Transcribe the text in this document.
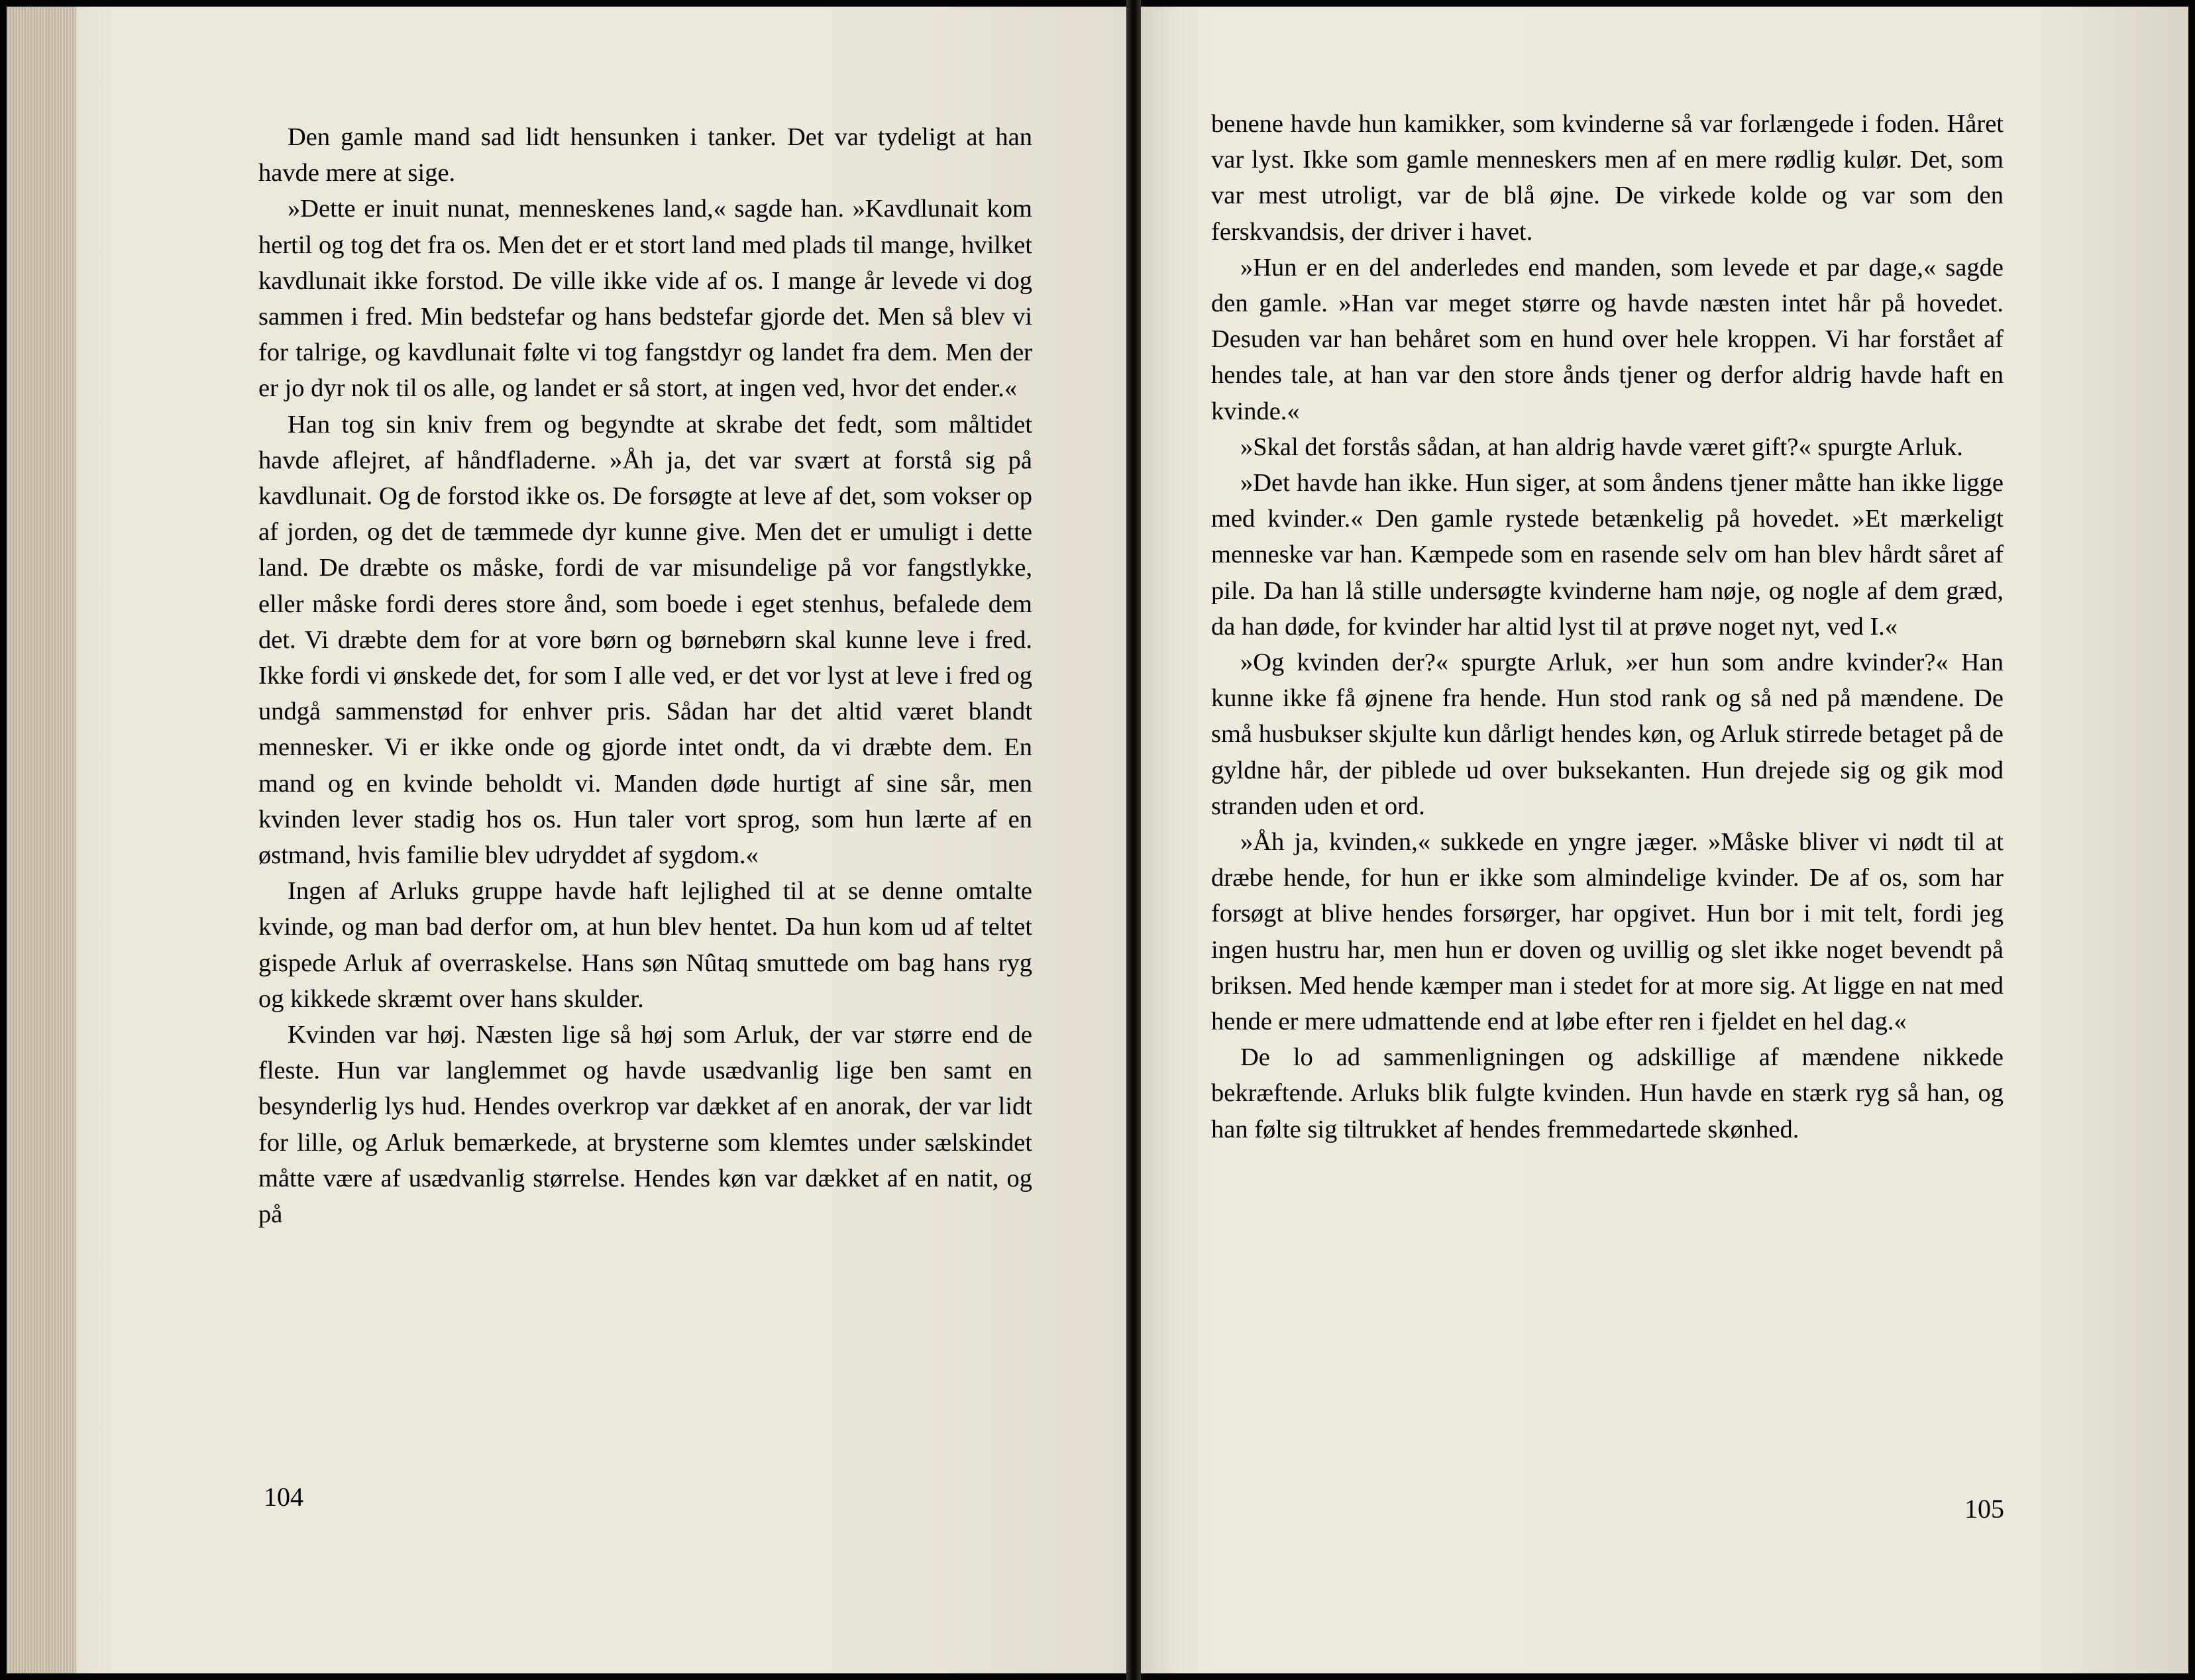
Den gamle mand sad lidt hensunken i tanker. Det var tydeligt at han havde mere at sige.

»Dette er inuit nunat, menneskenes land,« sagde han. »Kavdlunait kom hertil og tog det fra os. Men det er et stort land med plads til mange, hvilket kavdlunait ikke forstod. De ville ikke vide af os. I mange år levede vi dog sammen i fred. Min bedstefar og hans bedstefar gjorde det. Men så blev vi for talrige, og kavdlunait følte vi tog fangstdyr og landet fra dem. Men der er jo dyr nok til os alle, og landet er så stort, at ingen ved, hvor det ender.«

Han tog sin kniv frem og begyndte at skrabe det fedt, som måltidet havde aflejret, af håndfladerne. »Åh ja, det var svært at forstå sig på kavdlunait. Og de forstod ikke os. De forsøgte at leve af det, som vokser op af jorden, og det de tæmmede dyr kunne give. Men det er umuligt i dette land. De dræbte os måske, fordi de var misundelige på vor fangstlykke, eller måske fordi deres store ånd, som boede i eget stenhus, befalede dem det. Vi dræbte dem for at vore børn og børnebørn skal kunne leve i fred. Ikke fordi vi ønskede det, for som I alle ved, er det vor lyst at leve i fred og undgå sammenstød for enhver pris. Sådan har det altid været blandt mennesker. Vi er ikke onde og gjorde intet ondt, da vi dræbte dem. En mand og en kvinde beholdt vi. Manden døde hurtigt af sine sår, men kvinden lever stadig hos os. Hun taler vort sprog, som hun lærte af en østmand, hvis familie blev udryddet af sygdom.«

Ingen af Arluks gruppe havde haft lejlighed til at se denne omtalte kvinde, og man bad derfor om, at hun blev hentet. Da hun kom ud af teltet gispede Arluk af overraskelse. Hans søn Nûtaq smuttede om bag hans ryg og kikkede skræmt over hans skulder.

Kvinden var høj. Næsten lige så høj som Arluk, der var større end de fleste. Hun var langlemmet og havde usædvanlig lige ben samt en besynderlig lys hud. Hendes overkrop var dækket af en anorak, der var lidt for lille, og Arluk bemærkede, at brysterne som klemtes under sælskindet måtte være af usædvanlig størrelse. Hendes køn var dækket af en natit, og på

104

benene havde hun kamikker, som kvinderne så var forlængede i foden. Håret var lyst. Ikke som gamle menneskers men af en mere rødlig kulør. Det, som var mest utroligt, var de blå øjne. De virkede kolde og var som den ferskvandsis, der driver i havet.

»Hun er en del anderledes end manden, som levede et par dage,« sagde den gamle. »Han var meget større og havde næsten intet hår på hovedet. Desuden var han behåret som en hund over hele kroppen. Vi har forstået af hendes tale, at han var den store ånds tjener og derfor aldrig havde haft en kvinde.«

»Skal det forstås sådan, at han aldrig havde været gift?« spurgte Arluk.

»Det havde han ikke. Hun siger, at som åndens tjener måtte han ikke ligge med kvinder.« Den gamle rystede betænkelig på hovedet. »Et mærkeligt menneske var han. Kæmpede som en rasende selv om han blev hårdt såret af pile. Da han lå stille undersøgte kvinderne ham nøje, og nogle af dem græd, da han døde, for kvinder har altid lyst til at prøve noget nyt, ved I.«

»Og kvinden der?« spurgte Arluk, »er hun som andre kvinder?« Han kunne ikke få øjnene fra hende. Hun stod rank og så ned på mændene. De små husbukser skjulte kun dårligt hendes køn, og Arluk stirrede betaget på de gyldne hår, der piblede ud over buksekanten. Hun drejede sig og gik mod stranden uden et ord.

»Åh ja, kvinden,« sukkede en yngre jæger. »Måske bliver vi nødt til at dræbe hende, for hun er ikke som almindelige kvinder. De af os, som har forsøgt at blive hendes forsørger, har opgivet. Hun bor i mit telt, fordi jeg ingen hustru har, men hun er doven og uvillig og slet ikke noget bevendt på briksen. Med hende kæmper man i stedet for at more sig. At ligge en nat med hende er mere udmattende end at løbe efter ren i fjeldet en hel dag.«

De lo ad sammenligningen og adskillige af mændene nikkede bekræftende. Arluks blik fulgte kvinden. Hun havde en stærk ryg så han, og han følte sig tiltrukket af hendes fremmedartede skønhed.

105
